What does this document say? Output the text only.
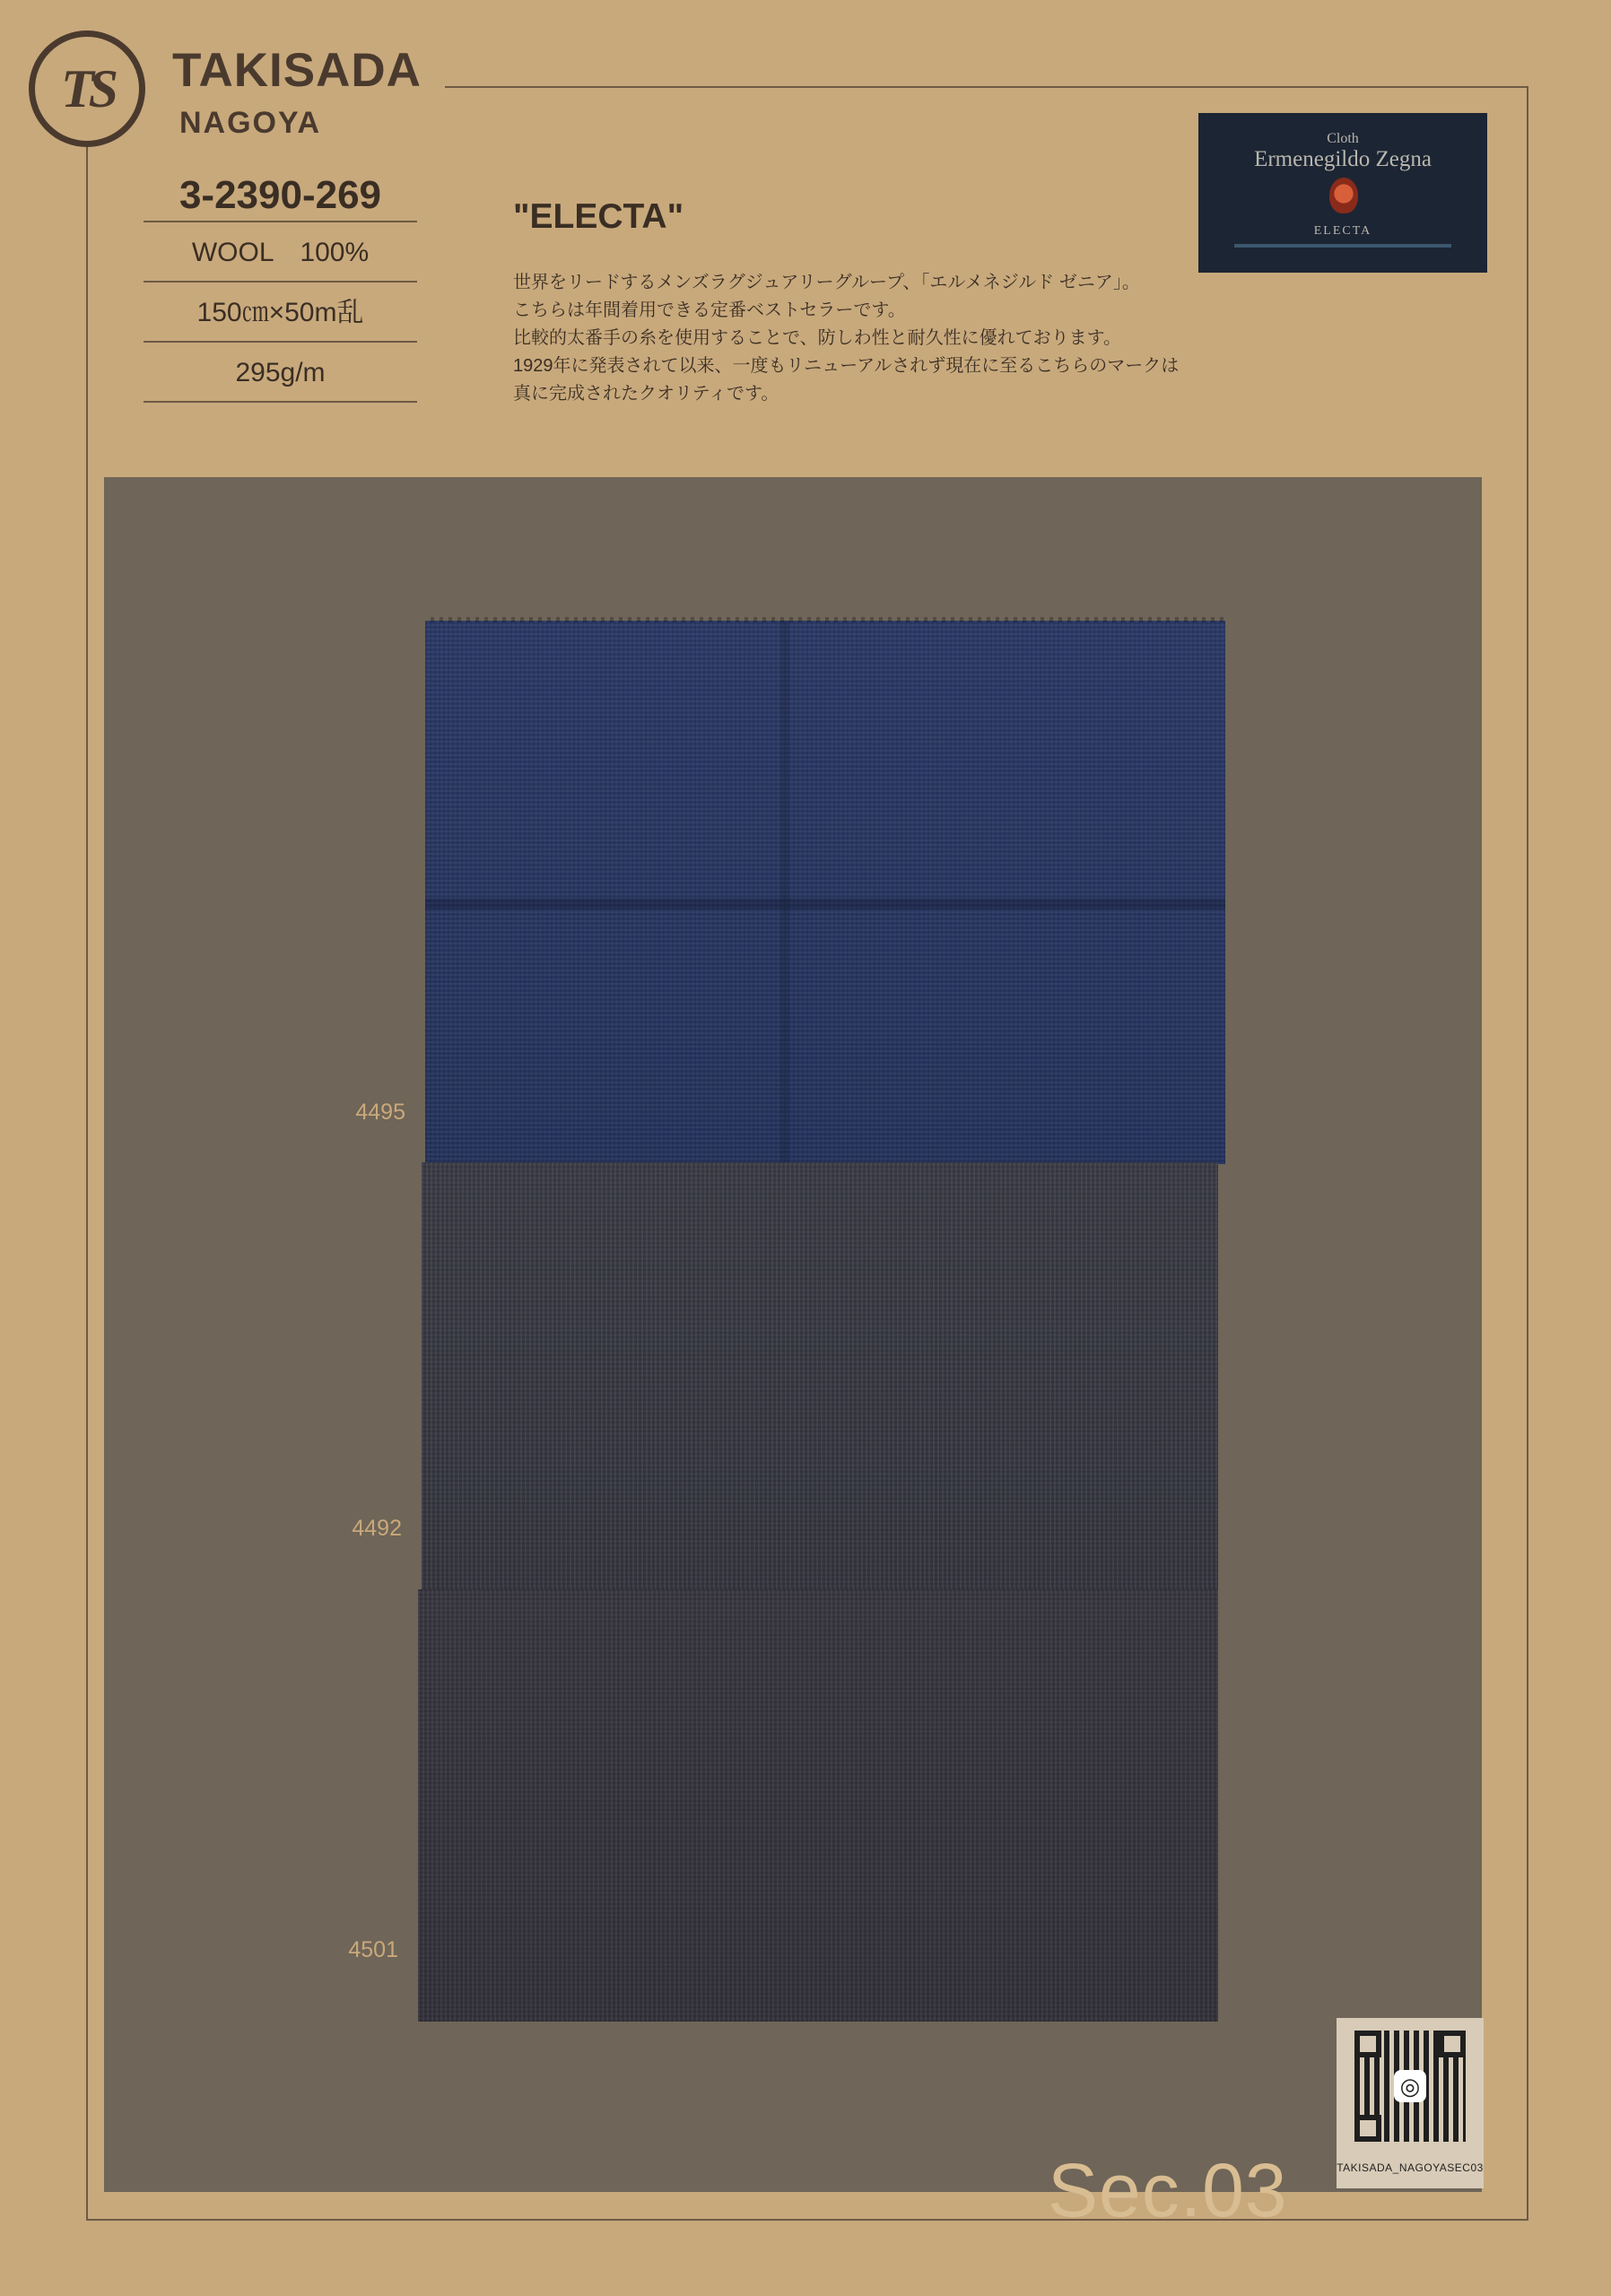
TS	TAKISADA
NAGOYA
3-2390-269
WOOL　100%
150㎝×50m乱
295g/m
"ELECTA"
世界をリードするメンズラグジュアリーグループ、「エルメネジルド ゼニア」。
こちらは年間着用できる定番ベストセラーです。
比較的太番手の糸を使用することで、防しわ性と耐久性に優れております。
1929年に発表されて以来、一度もリニューアルされず現在に至るこちらのマークは
真に完成されたクオリティです。
Cloth
Ermenegildo Zegna
ELECTA
4495
4492
4501
Sec.03
◎
TAKISADA_NAGOYASEC03
